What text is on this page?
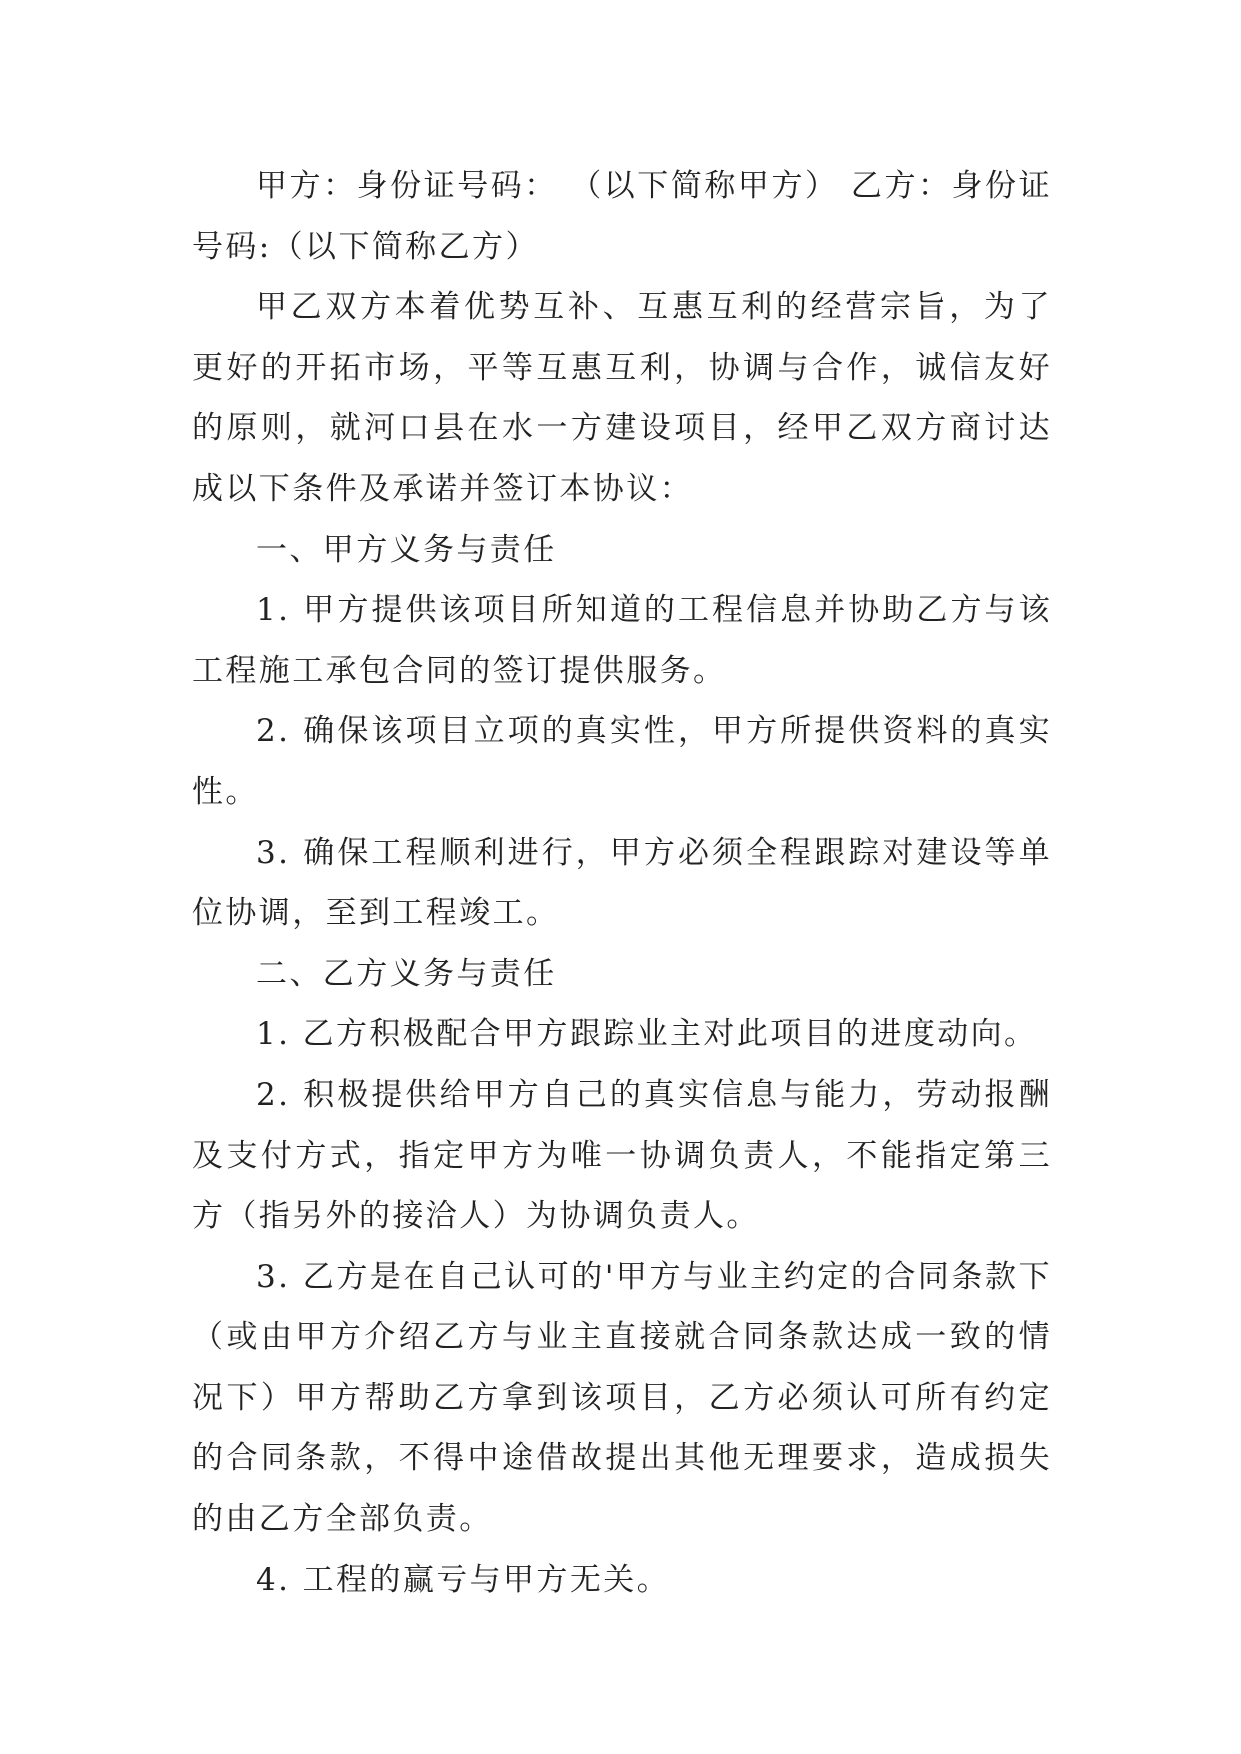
甲方：身份证号码： （以下简称甲方） 乙方：身份证号码:（以下简称乙方）

甲乙双方本着优势互补、互惠互利的经营宗旨，为了更好的开拓市场，平等互惠互利，协调与合作，诚信友好的原则，就河口县在水一方建设项目，经甲乙双方商讨达成以下条件及承诺并签订本协议：

一、甲方义务与责任

1. 甲方提供该项目所知道的工程信息并协助乙方与该工程施工承包合同的签订提供服务。

2. 确保该项目立项的真实性，甲方所提供资料的真实性。

3. 确保工程顺利进行，甲方必须全程跟踪对建设等单位协调，至到工程竣工。

二、乙方义务与责任

1. 乙方积极配合甲方跟踪业主对此项目的进度动向。

2. 积极提供给甲方自己的真实信息与能力，劳动报酬及支付方式，指定甲方为唯一协调负责人，不能指定第三方（指另外的接洽人）为协调负责人。

3. 乙方是在自己认可的'甲方与业主约定的合同条款下（或由甲方介绍乙方与业主直接就合同条款达成一致的情况下）甲方帮助乙方拿到该项目，乙方必须认可所有约定的合同条款，不得中途借故提出其他无理要求，造成损失的由乙方全部负责。

4. 工程的赢亏与甲方无关。
